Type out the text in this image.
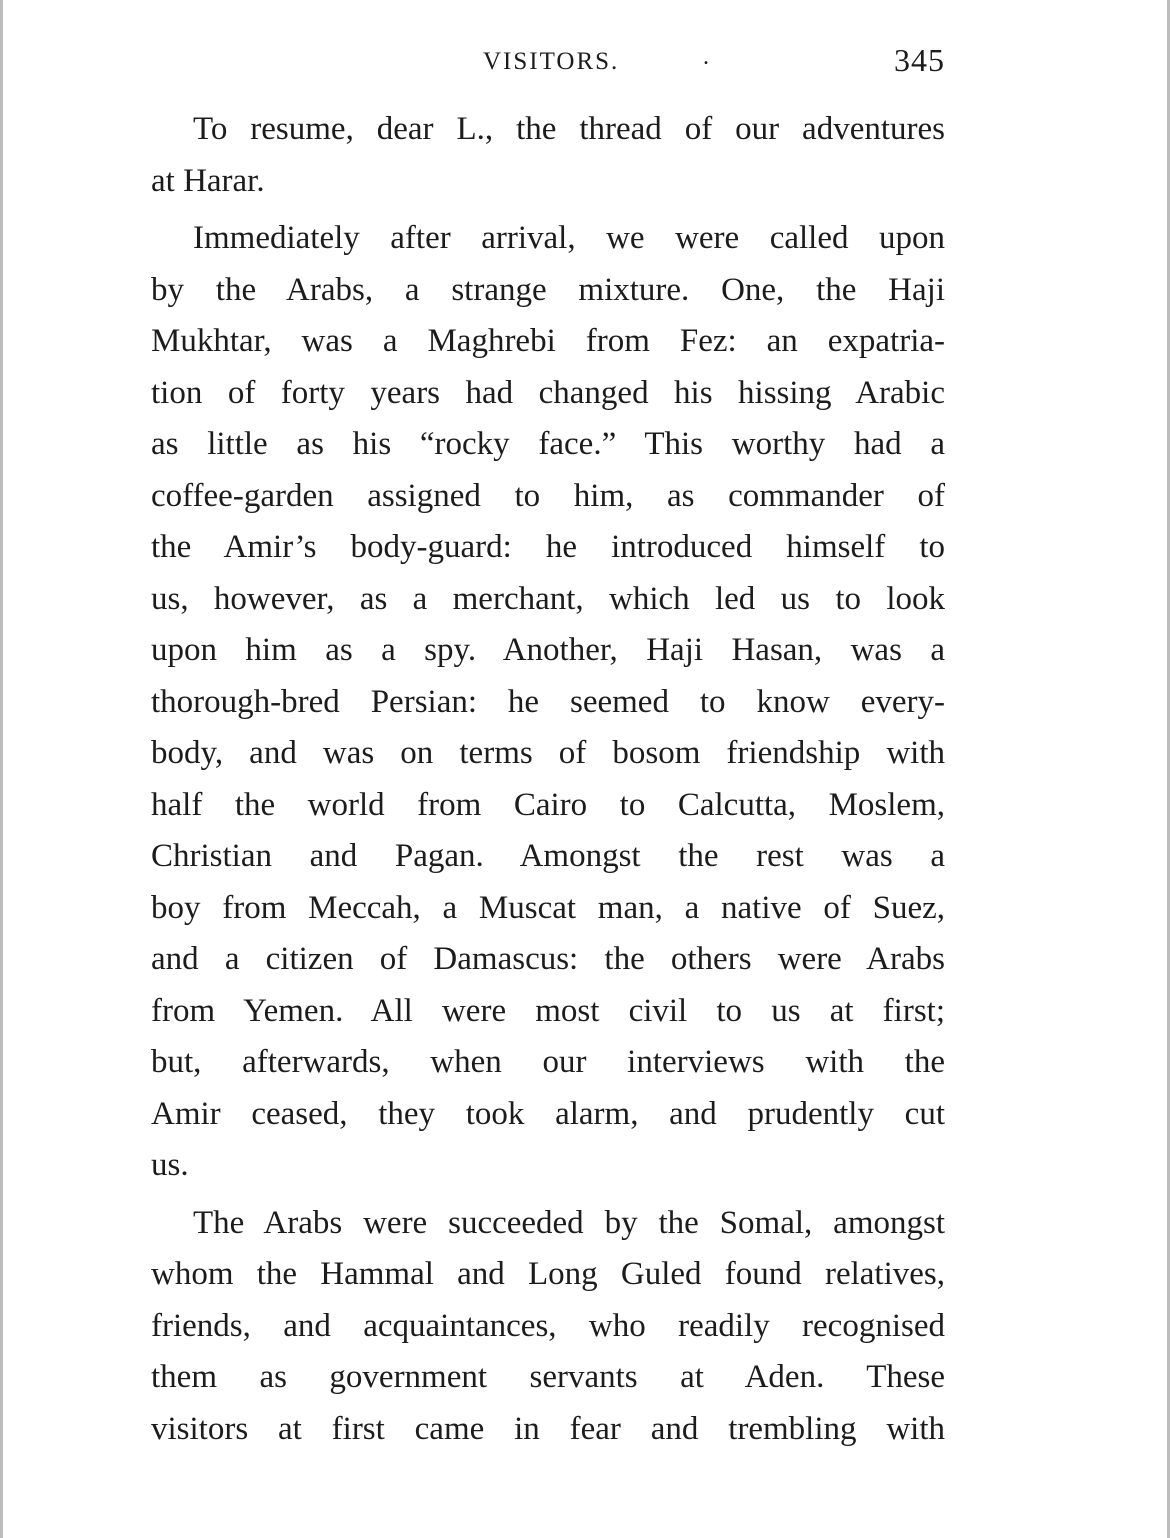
VISITORS.	.	345
To resume, dear L., the thread of our adventures
at Harar.
Immediately after arrival, we were called upon
by the Arabs, a strange mixture. One, the Haji
Mukhtar, was a Maghrebi from Fez: an expatria-
tion of forty years had changed his hissing Arabic
as little as his “rocky face.” This worthy had a
coffee-garden assigned to him, as commander of
the Amir’s body-guard: he introduced himself to
us, however, as a merchant, which led us to look
upon him as a spy. Another, Haji Hasan, was a
thorough-bred Persian: he seemed to know every-
body, and was on terms of bosom friendship with
half the world from Cairo to Calcutta, Moslem,
Christian and Pagan. Amongst the rest was a
boy from Meccah, a Muscat man, a native of Suez,
and a citizen of Damascus: the others were Arabs
from Yemen. All were most civil to us at first;
but, afterwards, when our interviews with the
Amir ceased, they took alarm, and prudently cut
us.
The Arabs were succeeded by the Somal, amongst
whom the Hammal and Long Guled found relatives,
friends, and acquaintances, who readily recognised
them as government servants at Aden. These
visitors at first came in fear and trembling with
